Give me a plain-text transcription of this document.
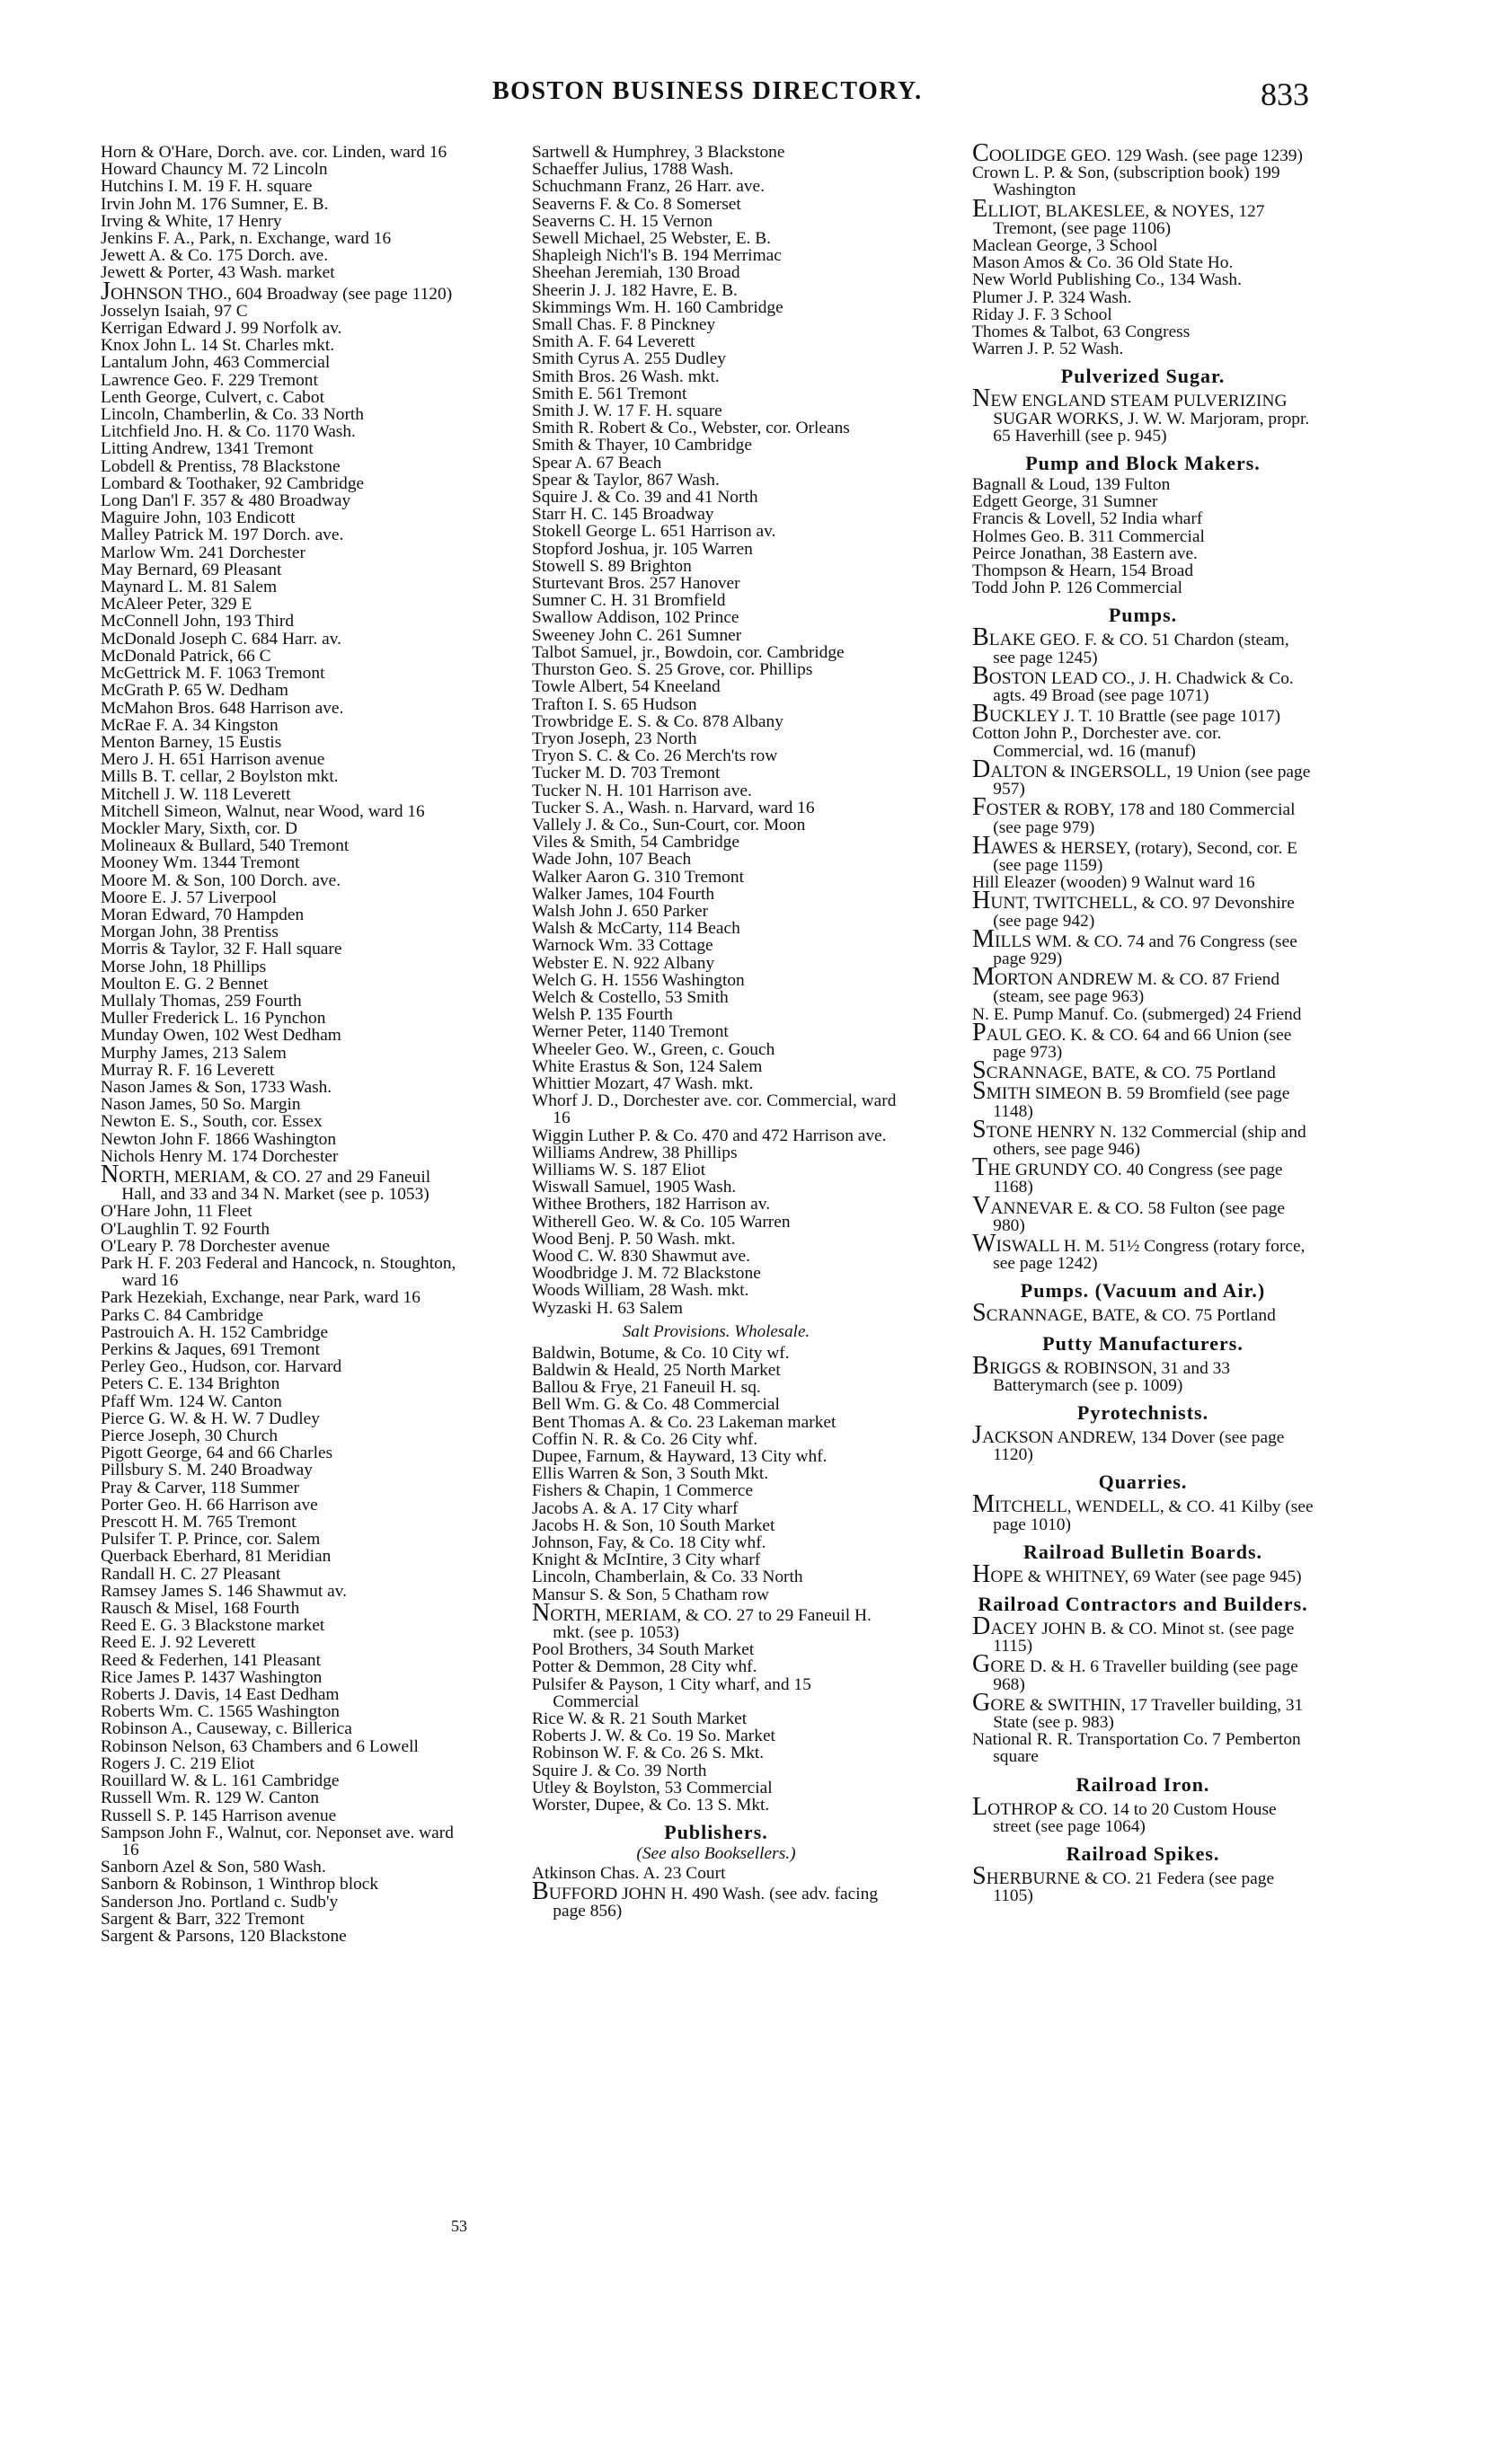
BOSTON BUSINESS DIRECTORY.	833

Horn & O'Hare, Dorch. ave. cor. Linden, ward 16

Howard Chauncy M. 72 Lincoln

Hutchins I. M. 19 F. H. square

Irvin John M. 176 Sumner, E. B.

Irving & White, 17 Henry

Jenkins F. A., Park, n. Exchange, ward 16

Jewett A. & Co. 175 Dorch. ave.

Jewett & Porter, 43 Wash. market

JOHNSON THO., 604 Broadway (see page 1120)

Josselyn Isaiah, 97 C

Kerrigan Edward J. 99 Norfolk av.

Knox John L. 14 St. Charles mkt.

Lantalum John, 463 Commercial

Lawrence Geo. F. 229 Tremont

Lenth George, Culvert, c. Cabot

Lincoln, Chamberlin, & Co. 33 North

Litchfield Jno. H. & Co. 1170 Wash.

Litting Andrew, 1341 Tremont

Lobdell & Prentiss, 78 Blackstone

Lombard & Toothaker, 92 Cambridge

Long Dan'l F. 357 & 480 Broadway

Maguire John, 103 Endicott

Malley Patrick M. 197 Dorch. ave.

Marlow Wm. 241 Dorchester

May Bernard, 69 Pleasant

Maynard L. M. 81 Salem

McAleer Peter, 329 E

McConnell John, 193 Third

McDonald Joseph C. 684 Harr. av.

McDonald Patrick, 66 C

McGettrick M. F. 1063 Tremont

McGrath P. 65 W. Dedham

McMahon Bros. 648 Harrison ave.

McRae F. A. 34 Kingston

Menton Barney, 15 Eustis

Mero J. H. 651 Harrison avenue

Mills B. T. cellar, 2 Boylston mkt.

Mitchell J. W. 118 Leverett

Mitchell Simeon, Walnut, near Wood, ward 16

Mockler Mary, Sixth, cor. D

Molineaux & Bullard, 540 Tremont

Mooney Wm. 1344 Tremont

Moore M. & Son, 100 Dorch. ave.

Moore E. J. 57 Liverpool

Moran Edward, 70 Hampden

Morgan John, 38 Prentiss

Morris & Taylor, 32 F. Hall square

Morse John, 18 Phillips

Moulton E. G. 2 Bennet

Mullaly Thomas, 259 Fourth

Muller Frederick L. 16 Pynchon

Munday Owen, 102 West Dedham

Murphy James, 213 Salem

Murray R. F. 16 Leverett

Nason James & Son, 1733 Wash.

Nason James, 50 So. Margin

Newton E. S., South, cor. Essex

Newton John F. 1866 Washington

Nichols Henry M. 174 Dorchester

NORTH, MERIAM, & CO. 27 and 29 Faneuil Hall, and 33 and 34 N. Market (see p. 1053)

O'Hare John, 11 Fleet

O'Laughlin T. 92 Fourth

O'Leary P. 78 Dorchester avenue

Park H. F. 203 Federal and Hancock, n. Stoughton, ward 16

Park Hezekiah, Exchange, near Park, ward 16

Parks C. 84 Cambridge

Pastrouich A. H. 152 Cambridge

Perkins & Jaques, 691 Tremont

Perley Geo., Hudson, cor. Harvard

Peters C. E. 134 Brighton

Pfaff Wm. 124 W. Canton

Pierce G. W. & H. W. 7 Dudley

Pierce Joseph, 30 Church

Pigott George, 64 and 66 Charles

Pillsbury S. M. 240 Broadway

Pray & Carver, 118 Summer

Porter Geo. H. 66 Harrison ave

Prescott H. M. 765 Tremont

Pulsifer T. P. Prince, cor. Salem

Querback Eberhard, 81 Meridian

Randall H. C. 27 Pleasant

Ramsey James S. 146 Shawmut av.

Rausch & Misel, 168 Fourth

Reed E. G. 3 Blackstone market

Reed E. J. 92 Leverett

Reed & Federhen, 141 Pleasant

Rice James P. 1437 Washington

Roberts J. Davis, 14 East Dedham

Roberts Wm. C. 1565 Washington

Robinson A., Causeway, c. Billerica

Robinson Nelson, 63 Chambers and 6 Lowell

Rogers J. C. 219 Eliot

Rouillard W. & L. 161 Cambridge

Russell Wm. R. 129 W. Canton

Russell S. P. 145 Harrison avenue

Sampson John F., Walnut, cor. Neponset ave. ward 16

Sanborn Azel & Son, 580 Wash.

Sanborn & Robinson, 1 Winthrop block

Sanderson Jno. Portland c. Sudb'y

Sargent & Barr, 322 Tremont

Sargent & Parsons, 120 Blackstone

Sartwell & Humphrey, 3 Blackstone

Schaeffer Julius, 1788 Wash.

Schuchmann Franz, 26 Harr. ave.

Seaverns F. & Co. 8 Somerset

Seaverns C. H. 15 Vernon

Sewell Michael, 25 Webster, E. B.

Shapleigh Nich'l's B. 194 Merrimac

Sheehan Jeremiah, 130 Broad

Sheerin J. J. 182 Havre, E. B.

Skimmings Wm. H. 160 Cambridge

Small Chas. F. 8 Pinckney

Smith A. F. 64 Leverett

Smith Cyrus A. 255 Dudley

Smith Bros. 26 Wash. mkt.

Smith E. 561 Tremont

Smith J. W. 17 F. H. square

Smith R. Robert & Co., Webster, cor. Orleans

Smith & Thayer, 10 Cambridge

Spear A. 67 Beach

Spear & Taylor, 867 Wash.

Squire J. & Co. 39 and 41 North

Starr H. C. 145 Broadway

Stokell George L. 651 Harrison av.

Stopford Joshua, jr. 105 Warren

Stowell S. 89 Brighton

Sturtevant Bros. 257 Hanover

Sumner C. H. 31 Bromfield

Swallow Addison, 102 Prince

Sweeney John C. 261 Sumner

Talbot Samuel, jr., Bowdoin, cor. Cambridge

Thurston Geo. S. 25 Grove, cor. Phillips

Towle Albert, 54 Kneeland

Trafton I. S. 65 Hudson

Trowbridge E. S. & Co. 878 Albany

Tryon Joseph, 23 North

Tryon S. C. & Co. 26 Merch'ts row

Tucker M. D. 703 Tremont

Tucker N. H. 101 Harrison ave.

Tucker S. A., Wash. n. Harvard, ward 16

Vallely J. & Co., Sun-Court, cor. Moon

Viles & Smith, 54 Cambridge

Wade John, 107 Beach

Walker Aaron G. 310 Tremont

Walker James, 104 Fourth

Walsh John J. 650 Parker

Walsh & McCarty, 114 Beach

Warnock Wm. 33 Cottage

Webster E. N. 922 Albany

Welch G. H. 1556 Washington

Welch & Costello, 53 Smith

Welsh P. 135 Fourth

Werner Peter, 1140 Tremont

Wheeler Geo. W., Green, c. Gouch

White Erastus & Son, 124 Salem

Whittier Mozart, 47 Wash. mkt.

Whorf J. D., Dorchester ave. cor. Commercial, ward 16

Wiggin Luther P. & Co. 470 and 472 Harrison ave.

Williams Andrew, 38 Phillips

Williams W. S. 187 Eliot

Wiswall Samuel, 1905 Wash.

Withee Brothers, 182 Harrison av.

Witherell Geo. W. & Co. 105 Warren

Wood Benj. P. 50 Wash. mkt.

Wood C. W. 830 Shawmut ave.

Woodbridge J. M. 72 Blackstone

Woods William, 28 Wash. mkt.

Wyzaski H. 63 Salem

Salt Provisions. Wholesale.

Baldwin, Botume, & Co. 10 City wf.

Baldwin & Heald, 25 North Market

Ballou & Frye, 21 Faneuil H. sq.

Bell Wm. G. & Co. 48 Commercial

Bent Thomas A. & Co. 23 Lakeman market

Coffin N. R. & Co. 26 City whf.

Dupee, Farnum, & Hayward, 13 City whf.

Ellis Warren & Son, 3 South Mkt.

Fishers & Chapin, 1 Commerce

Jacobs A. & A. 17 City wharf

Jacobs H. & Son, 10 South Market

Johnson, Fay, & Co. 18 City whf.

Knight & McIntire, 3 City wharf

Lincoln, Chamberlain, & Co. 33 North

Mansur S. & Son, 5 Chatham row

NORTH, MERIAM, & CO. 27 to 29 Faneuil H. mkt. (see p. 1053)

Pool Brothers, 34 South Market

Potter & Demmon, 28 City whf.

Pulsifer & Payson, 1 City wharf, and 15 Commercial

Rice W. & R. 21 South Market

Roberts J. W. & Co. 19 So. Market

Robinson W. F. & Co. 26 S. Mkt.

Squire J. & Co. 39 North

Utley & Boylston, 53 Commercial

Worster, Dupee, & Co. 13 S. Mkt.

Publishers.
(See also Booksellers.)

Atkinson Chas. A. 23 Court

BUFFORD JOHN H. 490 Wash. (see adv. facing page 856)

COOLIDGE GEO. 129 Wash. (see page 1239)

Crown L. P. & Son, (subscription book) 199 Washington

ELLIOT, BLAKESLEE, & NOYES, 127 Tremont, (see page 1106)

Maclean George, 3 School

Mason Amos & Co. 36 Old State Ho.

New World Publishing Co., 134 Wash.

Plumer J. P. 324 Wash.

Riday J. F. 3 School

Thomes & Talbot, 63 Congress

Warren J. P. 52 Wash.

Pulverized Sugar.

NEW ENGLAND STEAM PULVERIZING SUGAR WORKS, J. W. W. Marjoram, propr. 65 Haverhill (see p. 945)

Pump and Block Makers.

Bagnall & Loud, 139 Fulton

Edgett George, 31 Sumner

Francis & Lovell, 52 India wharf

Holmes Geo. B. 311 Commercial

Peirce Jonathan, 38 Eastern ave.

Thompson & Hearn, 154 Broad

Todd John P. 126 Commercial

Pumps.

BLAKE GEO. F. & CO. 51 Chardon (steam, see page 1245)

BOSTON LEAD CO., J. H. Chadwick & Co. agts. 49 Broad (see page 1071)

BUCKLEY J. T. 10 Brattle (see page 1017)

Cotton John P., Dorchester ave. cor. Commercial, wd. 16 (manuf)

DALTON & INGERSOLL, 19 Union (see page 957)

FOSTER & ROBY, 178 and 180 Commercial (see page 979)

HAWES & HERSEY, (rotary), Second, cor. E (see page 1159)

Hill Eleazer (wooden) 9 Walnut ward 16

HUNT, TWITCHELL, & CO. 97 Devonshire (see page 942)

MILLS WM. & CO. 74 and 76 Congress (see page 929)

MORTON ANDREW M. & CO. 87 Friend (steam, see page 963)

N. E. Pump Manuf. Co. (submerged) 24 Friend

PAUL GEO. K. & CO. 64 and 66 Union (see page 973)

SCRANNAGE, BATE, & CO. 75 Portland

SMITH SIMEON B. 59 Bromfield (see page 1148)

STONE HENRY N. 132 Commercial (ship and others, see page 946)

THE GRUNDY CO. 40 Congress (see page 1168)

VANNEVAR E. & CO. 58 Fulton (see page 980)

WISWALL H. M. 51½ Congress (rotary force, see page 1242)

Pumps. (Vacuum and Air.)

SCRANNAGE, BATE, & CO. 75 Portland

Putty Manufacturers.

BRIGGS & ROBINSON, 31 and 33 Batterymarch (see p. 1009)

Pyrotechnists.

JACKSON ANDREW, 134 Dover (see page 1120)

Quarries.

MITCHELL, WENDELL, & CO. 41 Kilby (see page 1010)

Railroad Bulletin Boards.

HOPE & WHITNEY, 69 Water (see page 945)

Railroad Contractors and Builders.

DACEY JOHN B. & CO. Minot st. (see page 1115)

GORE D. & H. 6 Traveller building (see page 968)

GORE & SWITHIN, 17 Traveller building, 31 State (see p. 983)

National R. R. Transportation Co. 7 Pemberton square

Railroad Iron.

LOTHROP & CO. 14 to 20 Custom House street (see page 1064)

Railroad Spikes.

SHERBURNE & CO. 21 Federa (see page 1105)

53
